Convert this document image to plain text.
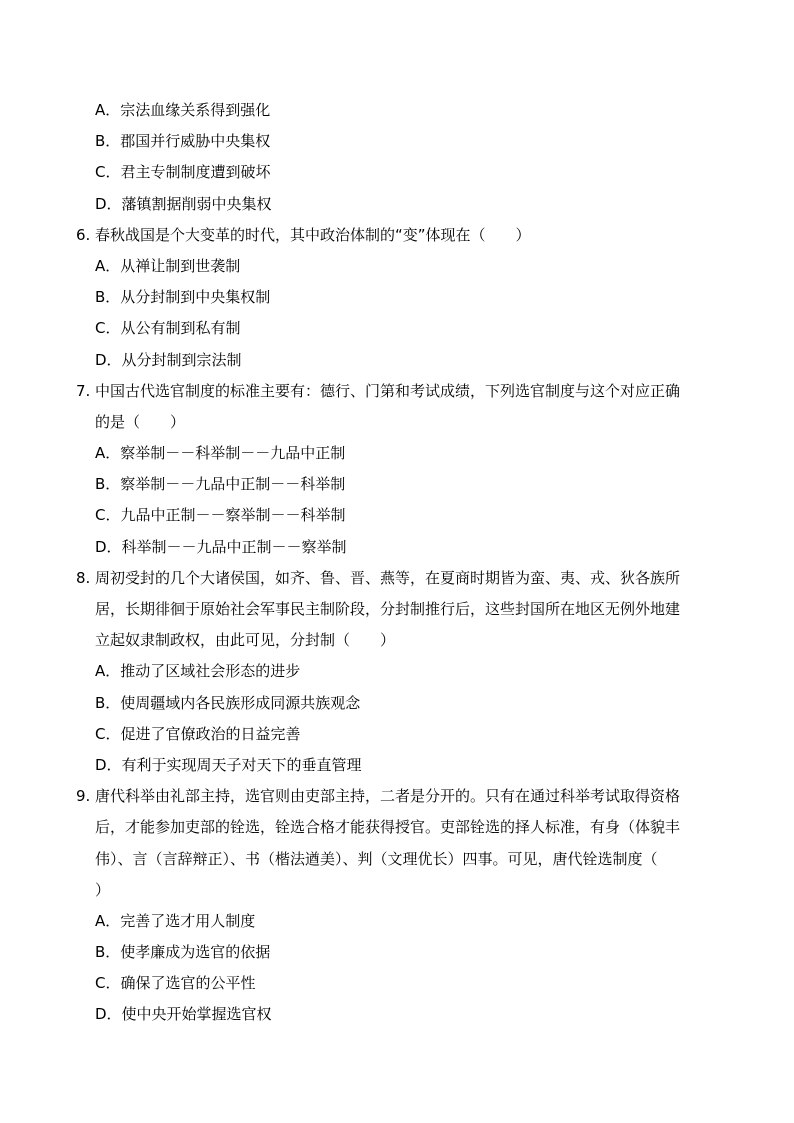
A．宗法血缘关系得到强化
B．郡国并行威胁中央集权
C．君主专制制度遭到破坏
D．藩镇割据削弱中央集权
6. 春秋战国是个大变革的时代，其中政治体制的“变”体现在（　　）
A．从禅让制到世袭制
B．从分封制到中央集权制
C．从公有制到私有制
D．从分封制到宗法制
7. 中国古代选官制度的标准主要有：德行、门第和考试成绩，下列选官制度与这个对应正确
的是（　　）
A．察举制－－科举制－－九品中正制
B．察举制－－九品中正制－－科举制
C．九品中正制－－察举制－－科举制
D．科举制－－九品中正制－－察举制
8. 周初受封的几个大诸侯国，如齐、鲁、晋、燕等，在夏商时期皆为蛮、夷、戎、狄各族所
居，长期徘徊于原始社会军事民主制阶段，分封制推行后，这些封国所在地区无例外地建
立起奴隶制政权，由此可见，分封制（　　）
A．推动了区域社会形态的进步
B．使周疆域内各民族形成同源共族观念
C．促进了官僚政治的日益完善
D．有利于实现周天子对天下的垂直管理
9. 唐代科举由礼部主持，选官则由吏部主持，二者是分开的。只有在通过科举考试取得资格
后，才能参加吏部的铨选，铨选合格才能获得授官。吏部铨选的择人标准，有身（体貌丰
伟）、言（言辞辩正）、书（楷法遒美）、判（文理优长）四事。可见，唐代铨选制度（
）
A．完善了选才用人制度
B．使孝廉成为选官的依据
C．确保了选官的公平性
D．使中央开始掌握选官权
